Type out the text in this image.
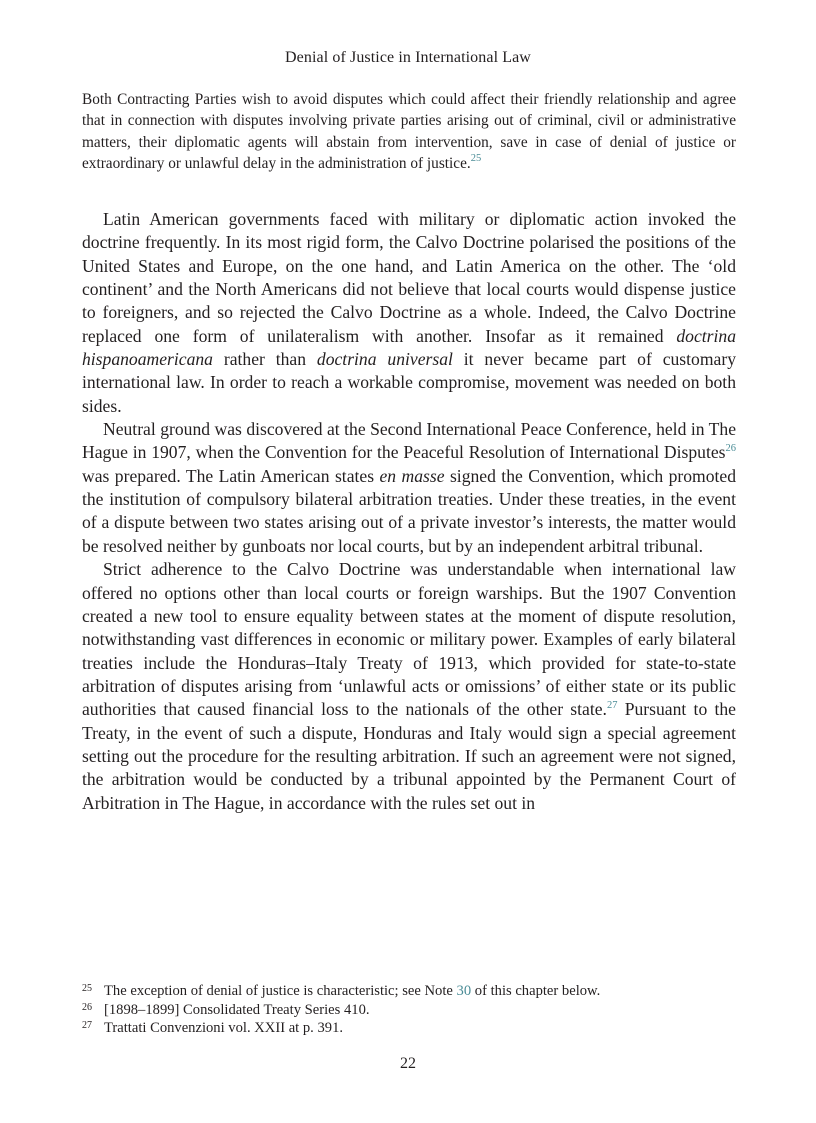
Denial of Justice in International Law

Both Contracting Parties wish to avoid disputes which could affect their friendly relationship and agree that in connection with disputes involving private parties arising out of criminal, civil or administrative matters, their diplomatic agents will abstain from intervention, save in case of denial of justice or extraordinary or unlawful delay in the administration of justice.$^{25}$

Latin American governments faced with military or diplomatic action invoked the doctrine frequently. In its most rigid form, the Calvo Doctrine polarised the positions of the United States and Europe, on the one hand, and Latin America on the other. The ‘old continent’ and the North Americans did not believe that local courts would dispense justice to foreigners, and so rejected the Calvo Doctrine as a whole. Indeed, the Calvo Doctrine replaced one form of unilateralism with another. Insofar as it remained doctrina hispanoamericana rather than doctrina universal it never became part of customary international law. In order to reach a workable compromise, movement was needed on both sides.

Neutral ground was discovered at the Second International Peace Conference, held in The Hague in 1907, when the Convention for the Peaceful Resolution of International Disputes$^{26}$ was prepared. The Latin American states en masse signed the Convention, which promoted the institution of compulsory bilateral arbitration treaties. Under these treaties, in the event of a dispute between two states arising out of a private investor’s interests, the matter would be resolved neither by gunboats nor local courts, but by an independent arbitral tribunal.

Strict adherence to the Calvo Doctrine was understandable when international law offered no options other than local courts or foreign warships. But the 1907 Convention created a new tool to ensure equality between states at the moment of dispute resolution, notwithstanding vast differences in economic or military power. Examples of early bilateral treaties include the Honduras–Italy Treaty of 1913, which provided for state-to-state arbitration of disputes arising from ‘unlawful acts or omissions’ of either state or its public authorities that caused financial loss to the nationals of the other state.$^{27}$ Pursuant to the Treaty, in the event of such a dispute, Honduras and Italy would sign a special agreement setting out the procedure for the resulting arbitration. If such an agreement were not signed, the arbitration would be conducted by a tribunal appointed by the Permanent Court of Arbitration in The Hague, in accordance with the rules set out in

25 The exception of denial of justice is characteristic; see Note 30 of this chapter below.
26 [1898–1899] Consolidated Treaty Series 410.
27 Trattati Convenzioni vol. XXII at p. 391.
22
